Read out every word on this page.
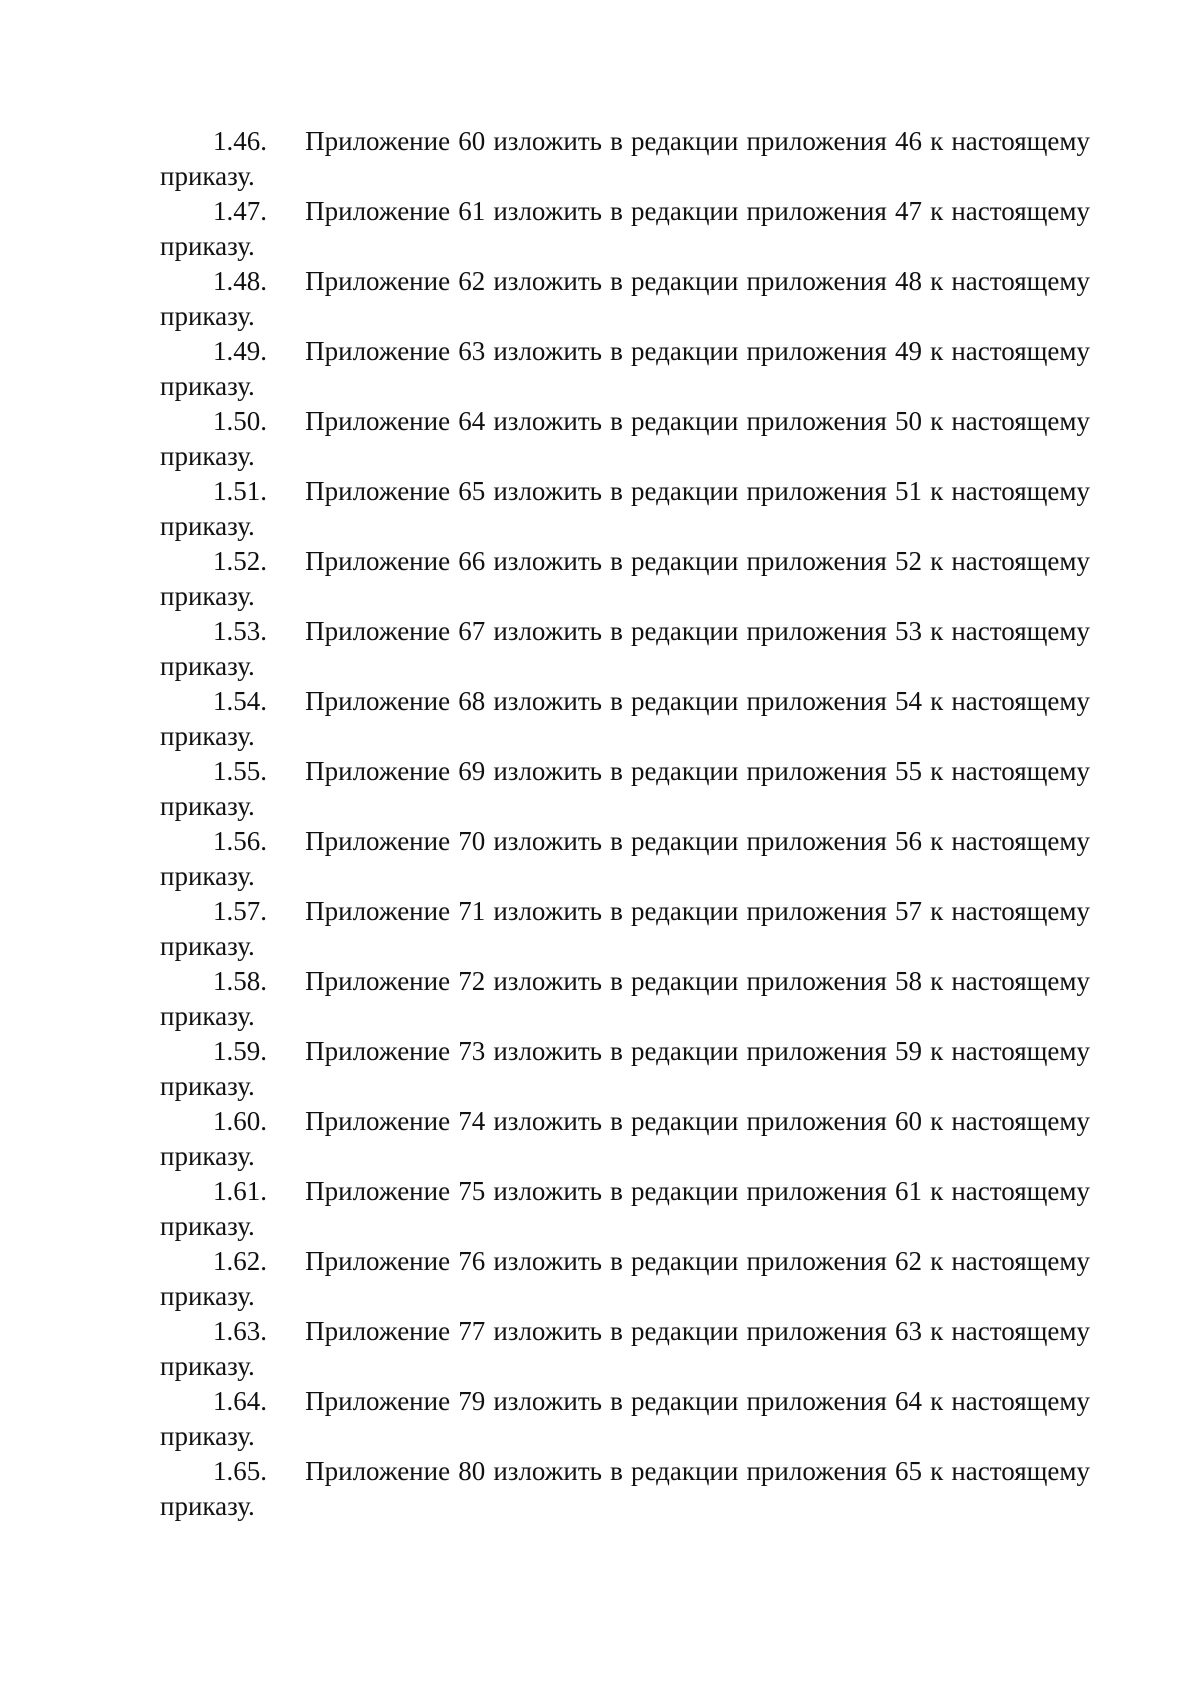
1.46.	Приложение 60 изложить в редакции приложения 46 к настоящему
приказу.
1.47.	Приложение 61 изложить в редакции приложения 47 к настоящему
приказу.
1.48.	Приложение 62 изложить в редакции приложения 48 к настоящему
приказу.
1.49.	Приложение 63 изложить в редакции приложения 49 к настоящему
приказу.
1.50.	Приложение 64 изложить в редакции приложения 50 к настоящему
приказу.
1.51.	Приложение 65 изложить в редакции приложения 51 к настоящему
приказу.
1.52.	Приложение 66 изложить в редакции приложения 52 к настоящему
приказу.
1.53.	Приложение 67 изложить в редакции приложения 53 к настоящему
приказу.
1.54.	Приложение 68 изложить в редакции приложения 54 к настоящему
приказу.
1.55.	Приложение 69 изложить в редакции приложения 55 к настоящему
приказу.
1.56.	Приложение 70 изложить в редакции приложения 56 к настоящему
приказу.
1.57.	Приложение 71 изложить в редакции приложения 57 к настоящему
приказу.
1.58.	Приложение 72 изложить в редакции приложения 58 к настоящему
приказу.
1.59.	Приложение 73 изложить в редакции приложения 59 к настоящему
приказу.
1.60.	Приложение 74 изложить в редакции приложения 60 к настоящему
приказу.
1.61.	Приложение 75 изложить в редакции приложения 61 к настоящему
приказу.
1.62.	Приложение 76 изложить в редакции приложения 62 к настоящему
приказу.
1.63.	Приложение 77 изложить в редакции приложения 63 к настоящему
приказу.
1.64.	Приложение 79 изложить в редакции приложения 64 к настоящему
приказу.
1.65.	Приложение 80 изложить в редакции приложения 65 к настоящему
приказу.
